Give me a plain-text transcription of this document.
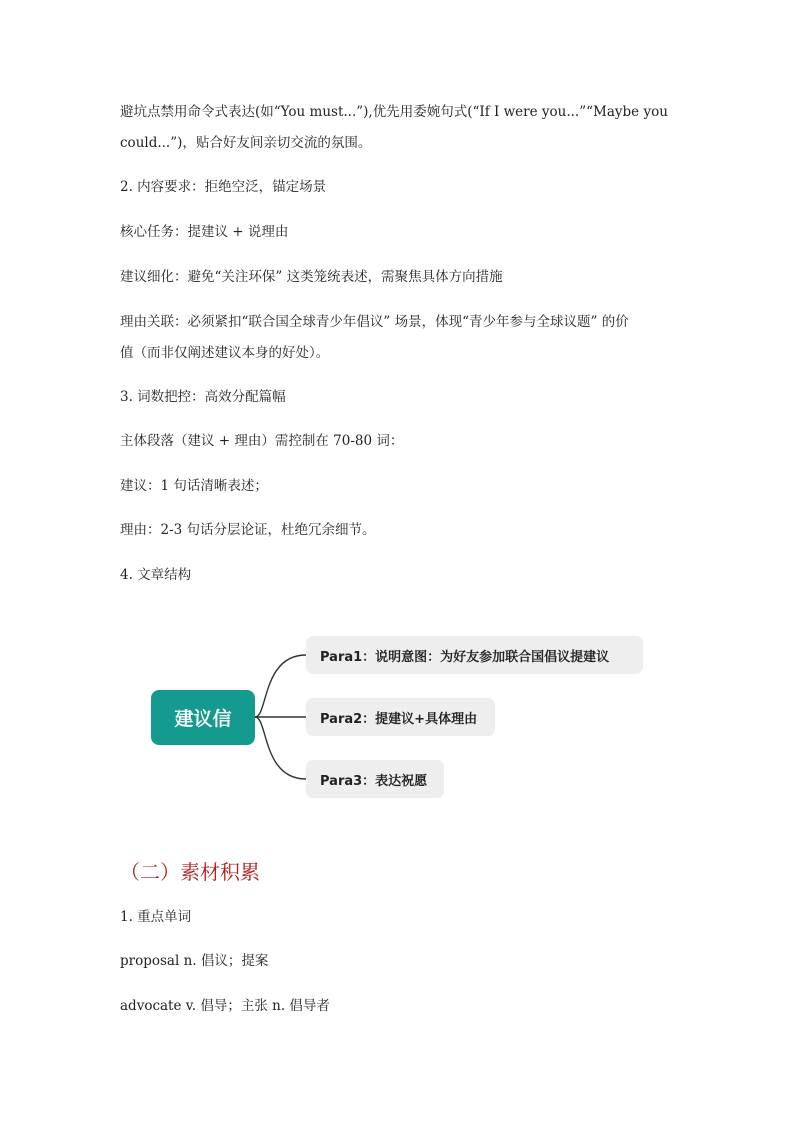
避坑点禁用命令式表达(如“You must...”),优先用委婉句式(“If I were you...”“Maybe you
could...”)，贴合好友间亲切交流的氛围。
2. 内容要求：拒绝空泛，锚定场景
核心任务：提建议 + 说理由
建议细化：避免“关注环保” 这类笼统表述，需聚焦具体方向措施
理由关联：必须紧扣“联合国全球青少年倡议” 场景，体现“青少年参与全球议题” 的价
值（而非仅阐述建议本身的好处）。
3. 词数把控：高效分配篇幅
主体段落（建议 + 理由）需控制在 70-80 词：
建议：1 句话清晰表述；
理由：2-3 句话分层论证，杜绝冗余细节。
4. 文章结构
建议信
Para1：说明意图：为好友参加联合国倡议提建议
Para2：提建议+具体理由
Para3：表达祝愿
（二）素材积累
1. 重点单词
proposal n. 倡议；提案
advocate v. 倡导；主张 n. 倡导者
